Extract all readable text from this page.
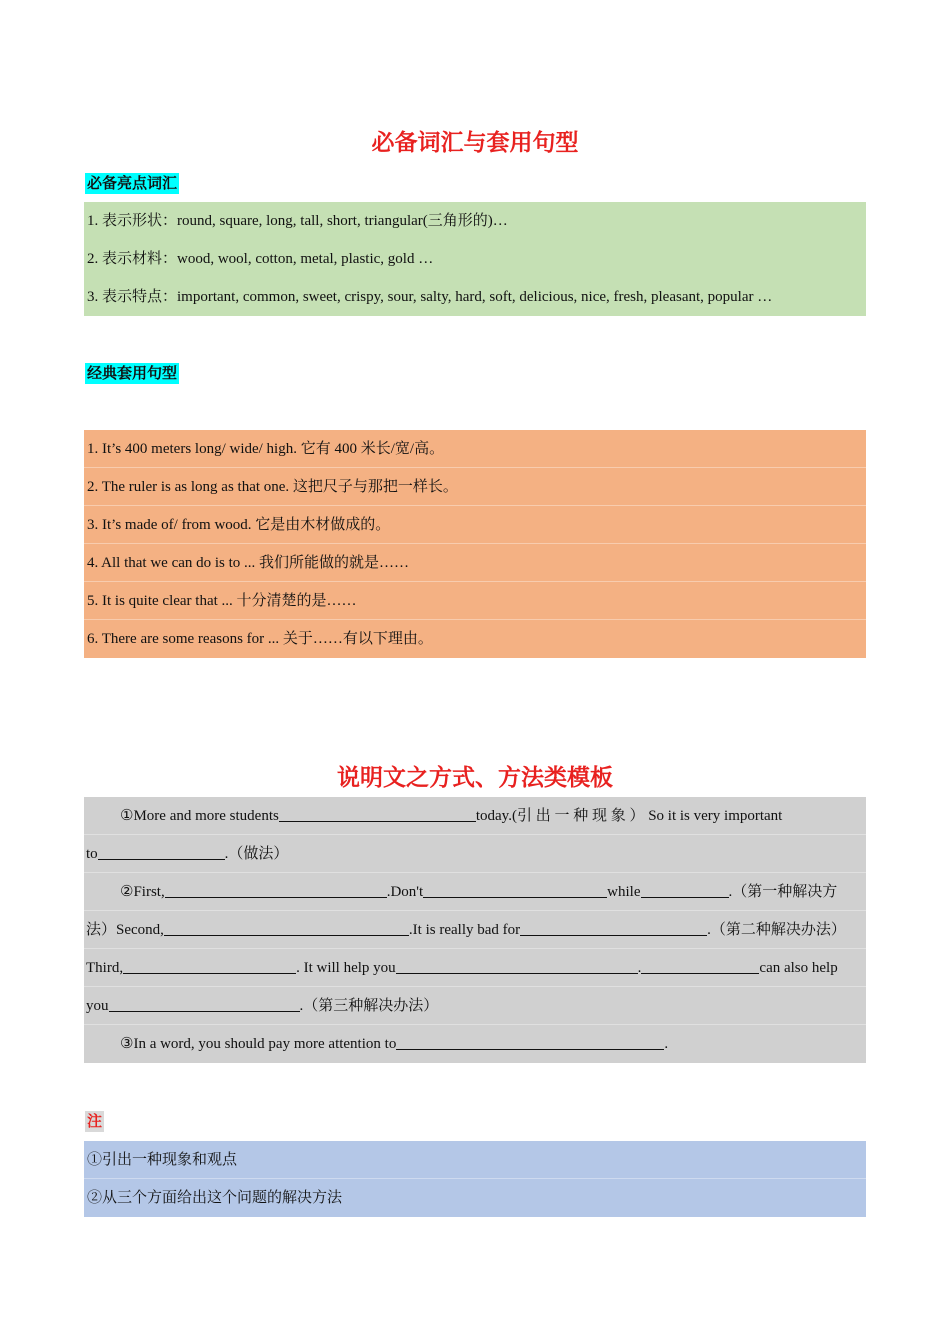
必备词汇与套用句型
必备亮点词汇
1. 表示形状：round, square, long, tall, short, triangular(三角形的)…
2. 表示材料：wood, wool, cotton, metal, plastic, gold …
3. 表示特点：important, common, sweet, crispy, sour, salty, hard, soft, delicious, nice, fresh, pleasant, popular …
经典套用句型
1. It’s 400 meters long/ wide/ high. 它有 400 米长/宽/高。
2. The ruler is as long as that one. 这把尺子与那把一样长。
3. It’s made of/ from wood. 它是由木材做成的。
4. All that we can do is to ... 我们所能做的就是……
5. It is quite clear that ... 十分清楚的是……
6. There are some reasons for ... 关于……有以下理由。
说明文之方式、方法类模板
①More and more students	today.(引 出 一 种 现 象 ） So it is very important
to	.（做法）
②First,	.Don't	while	.（第一种解决方
法）Second,	.It is really bad for	.（第二种解决办法）
Third,	. It will help you	.	can also help
you	.（第三种解决办法）
③In a word, you should pay more attention to	.
注
①引出一种现象和观点
②从三个方面给出这个问题的解决方法
